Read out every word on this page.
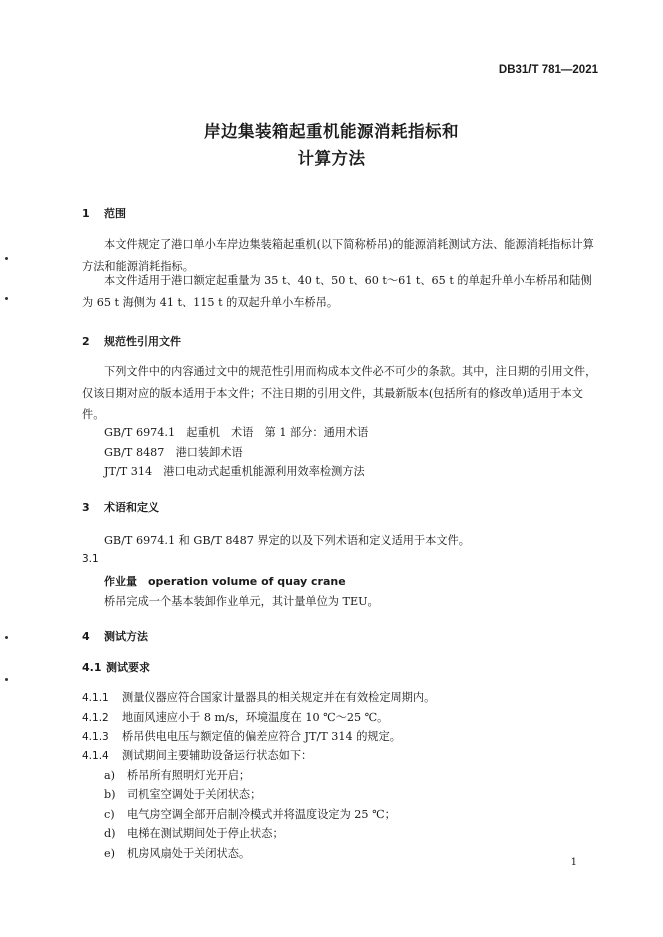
DB31/T 781—2021
岸边集装箱起重机能源消耗指标和
计算方法
1 范围
本文件规定了港口单小车岸边集装箱起重机(以下简称桥吊)的能源消耗测试方法、能源消耗指标计算方法和能源消耗指标。
本文件适用于港口额定起重量为 35 t、40 t、50 t、60 t～61 t、65 t 的单起升单小车桥吊和陆侧为 65 t 海侧为 41 t、115 t 的双起升单小车桥吊。
2 规范性引用文件
下列文件中的内容通过文中的规范性引用而构成本文件必不可少的条款。其中，注日期的引用文件，仅该日期对应的版本适用于本文件；不注日期的引用文件，其最新版本(包括所有的修改单)适用于本文件。
GB/T 6974.1　起重机　术语　第 1 部分：通用术语
GB/T 8487　港口装卸术语
JT/T 314　港口电动式起重机能源利用效率检测方法
3 术语和定义
GB/T 6974.1 和 GB/T 8487 界定的以及下列术语和定义适用于本文件。
3.1
作业量　operation volume of quay crane
桥吊完成一个基本装卸作业单元，其计量单位为 TEU。
4 测试方法
4.1 测试要求
4.1.1 测量仪器应符合国家计量器具的相关规定并在有效检定周期内。
4.1.2 地面风速应小于 8 m/s，环境温度在 10 ℃～25 ℃。
4.1.3 桥吊供电电压与额定值的偏差应符合 JT/T 314 的规定。
4.1.4 测试期间主要辅助设备运行状态如下：
a) 桥吊所有照明灯光开启；
b) 司机室空调处于关闭状态；
c) 电气房空调全部开启制冷模式并将温度设定为 25 ℃；
d) 电梯在测试期间处于停止状态；
e) 机房风扇处于关闭状态。
1
